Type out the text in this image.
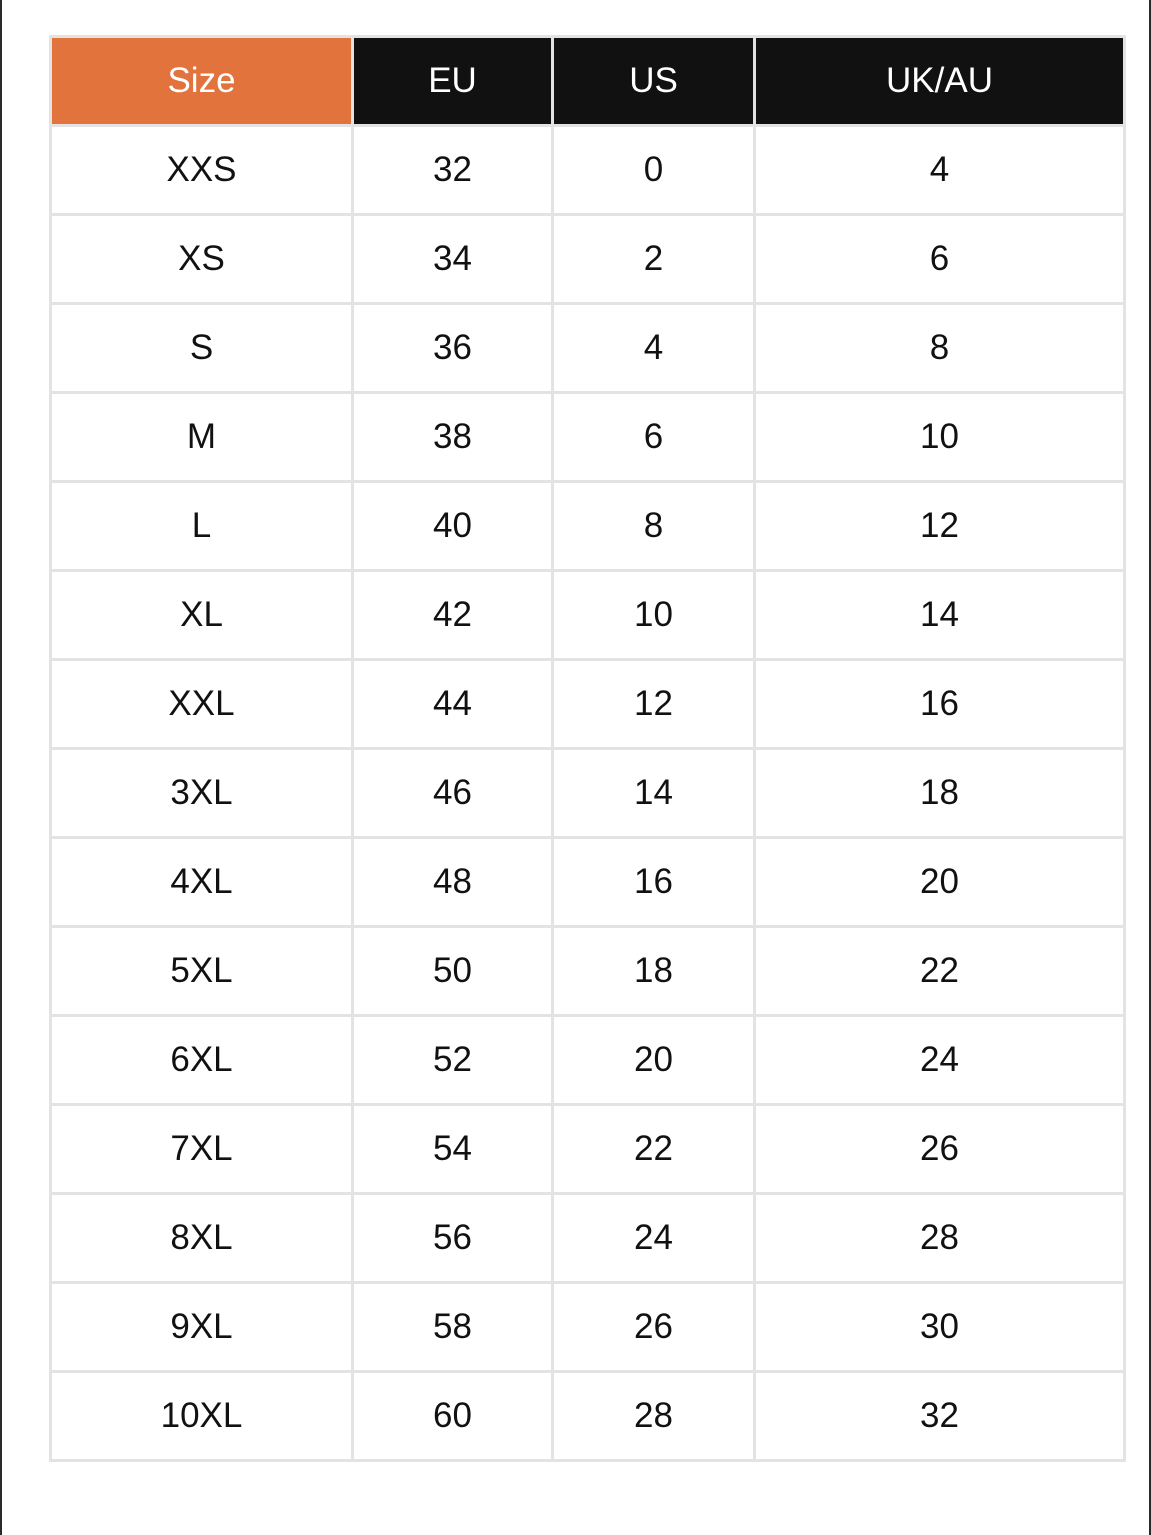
Size	EU	US	UK/AU
XXS	32	0	4
XS	34	2	6
S	36	4	8
M	38	6	10
L	40	8	12
XL	42	10	14
XXL	44	12	16
3XL	46	14	18
4XL	48	16	20
5XL	50	18	22
6XL	52	20	24
7XL	54	22	26
8XL	56	24	28
9XL	58	26	30
10XL	60	28	32
